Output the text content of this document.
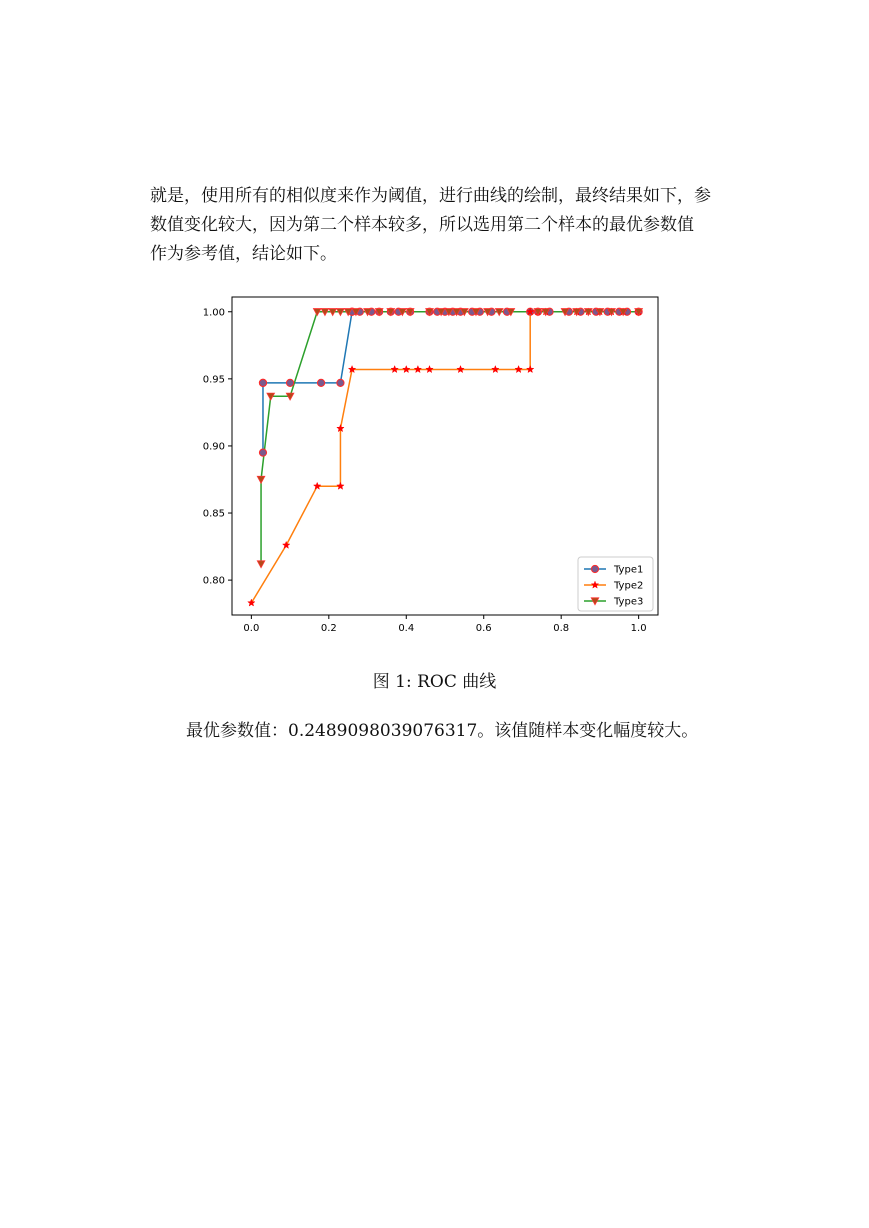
就是，使用所有的相似度来作为阈值，进行曲线的绘制，最终结果如下，参
数值变化较大，因为第二个样本较多，所以选用第二个样本的最优参数值
作为参考值，结论如下。
0.0	0.2	0.4	0.6	0.8	1.0
0.80
0.85
0.90
0.95
1.00
Type1
Type2
Type3
图 1: ROC 曲线
最优参数值：0.2489098039076317。该值随样本变化幅度较大。
